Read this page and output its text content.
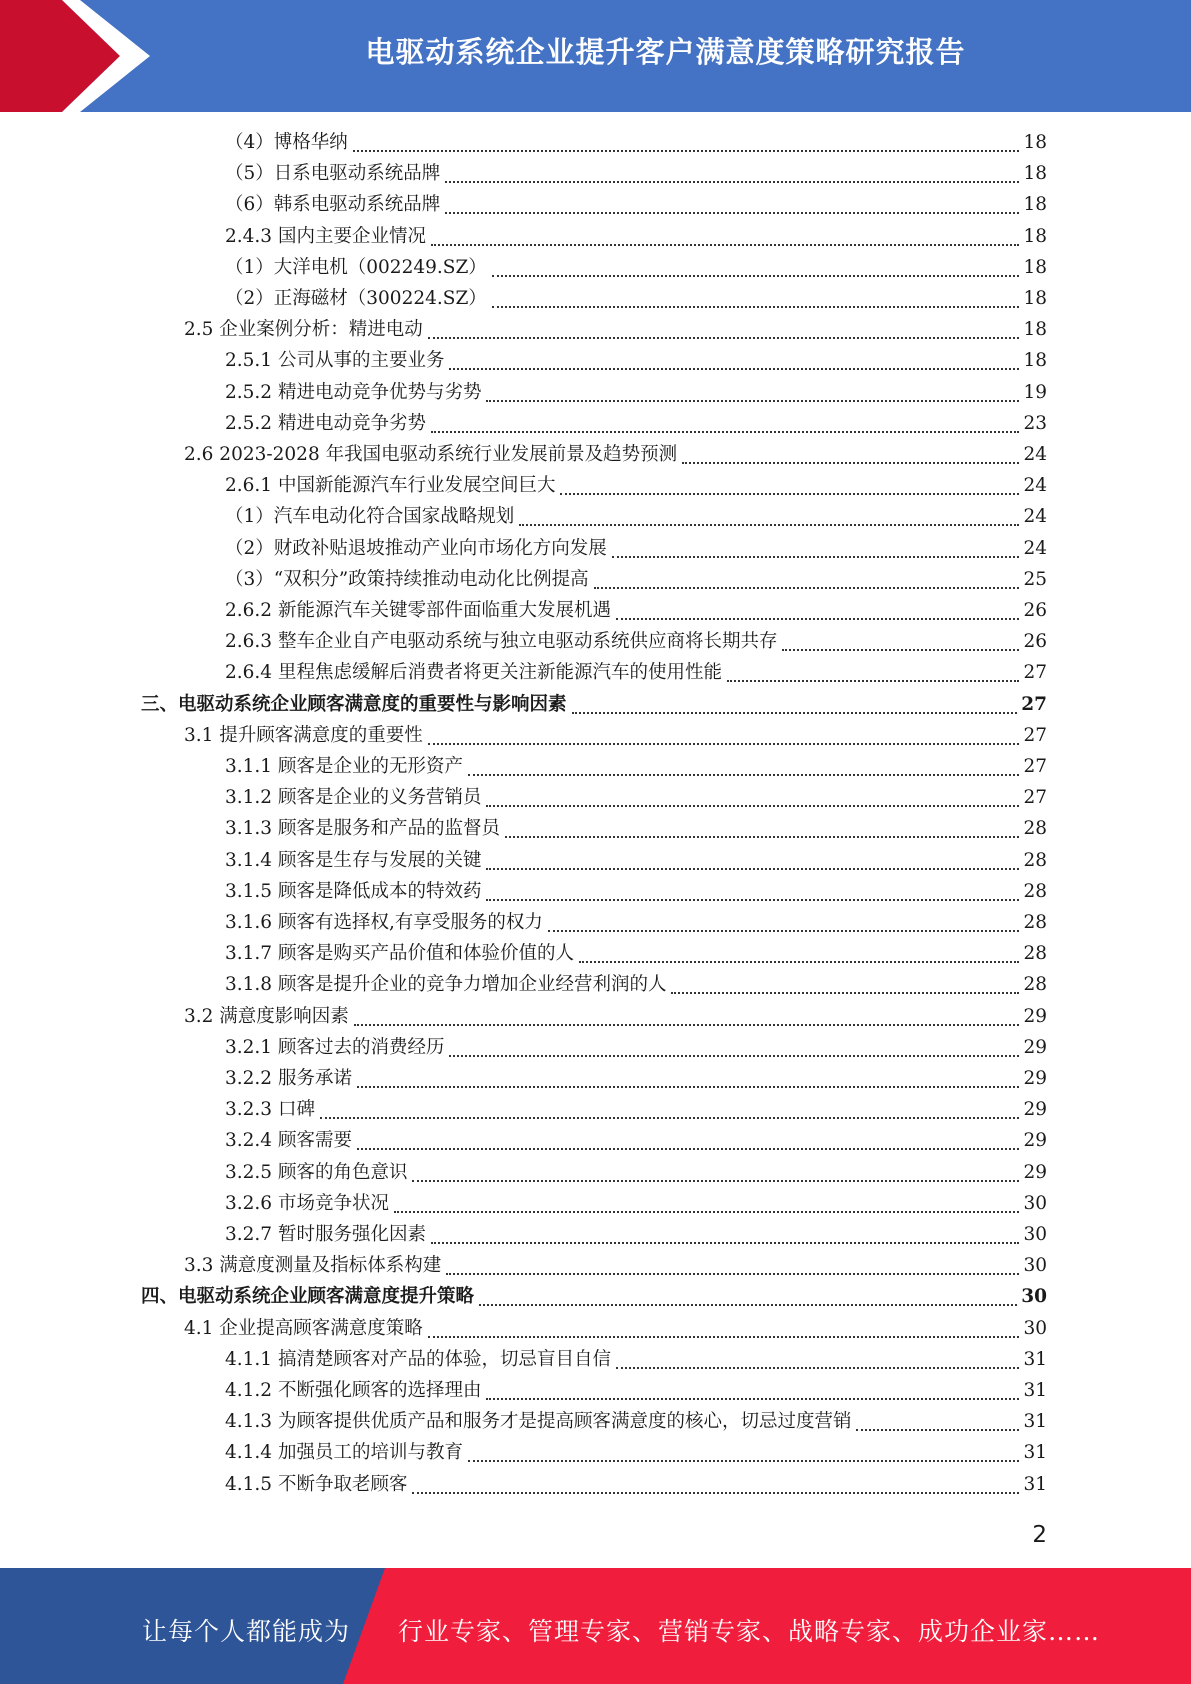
电驱动系统企业提升客户满意度策略研究报告
（4）博格华纳	18
（5）日系电驱动系统品牌	18
（6）韩系电驱动系统品牌	18
2.4.3 国内主要企业情况	18
（1）大洋电机（002249.SZ）	18
（2）正海磁材（300224.SZ）	18
2.5 企业案例分析：精进电动	18
2.5.1 公司从事的主要业务	18
2.5.2 精进电动竞争优势与劣势	19
2.5.2 精进电动竞争劣势	23
2.6 2023-2028 年我国电驱动系统行业发展前景及趋势预测	24
2.6.1 中国新能源汽车行业发展空间巨大	24
（1）汽车电动化符合国家战略规划	24
（2）财政补贴退坡推动产业向市场化方向发展	24
（3）“双积分”政策持续推动电动化比例提高	25
2.6.2 新能源汽车关键零部件面临重大发展机遇	26
2.6.3 整车企业自产电驱动系统与独立电驱动系统供应商将长期共存	26
2.6.4 里程焦虑缓解后消费者将更关注新能源汽车的使用性能	27
三、电驱动系统企业顾客满意度的重要性与影响因素	27
3.1 提升顾客满意度的重要性	27
3.1.1 顾客是企业的无形资产	27
3.1.2 顾客是企业的义务营销员	27
3.1.3 顾客是服务和产品的监督员	28
3.1.4 顾客是生存与发展的关键	28
3.1.5 顾客是降低成本的特效药	28
3.1.6 顾客有选择权,有享受服务的权力	28
3.1.7 顾客是购买产品价值和体验价值的人	28
3.1.8 顾客是提升企业的竞争力增加企业经营利润的人	28
3.2 满意度影响因素	29
3.2.1 顾客过去的消费经历	29
3.2.2 服务承诺	29
3.2.3 口碑	29
3.2.4 顾客需要	29
3.2.5 顾客的角色意识	29
3.2.6 市场竞争状况	30
3.2.7 暂时服务强化因素	30
3.3 满意度测量及指标体系构建	30
四、电驱动系统企业顾客满意度提升策略	30
4.1 企业提高顾客满意度策略	30
4.1.1 搞清楚顾客对产品的体验，切忌盲目自信	31
4.1.2 不断强化顾客的选择理由	31
4.1.3 为顾客提供优质产品和服务才是提高顾客满意度的核心，切忌过度营销	31
4.1.4 加强员工的培训与教育	31
4.1.5 不断争取老顾客	31
2
让每个人都能成为 行业专家、管理专家、营销专家、战略专家、成功企业家……
